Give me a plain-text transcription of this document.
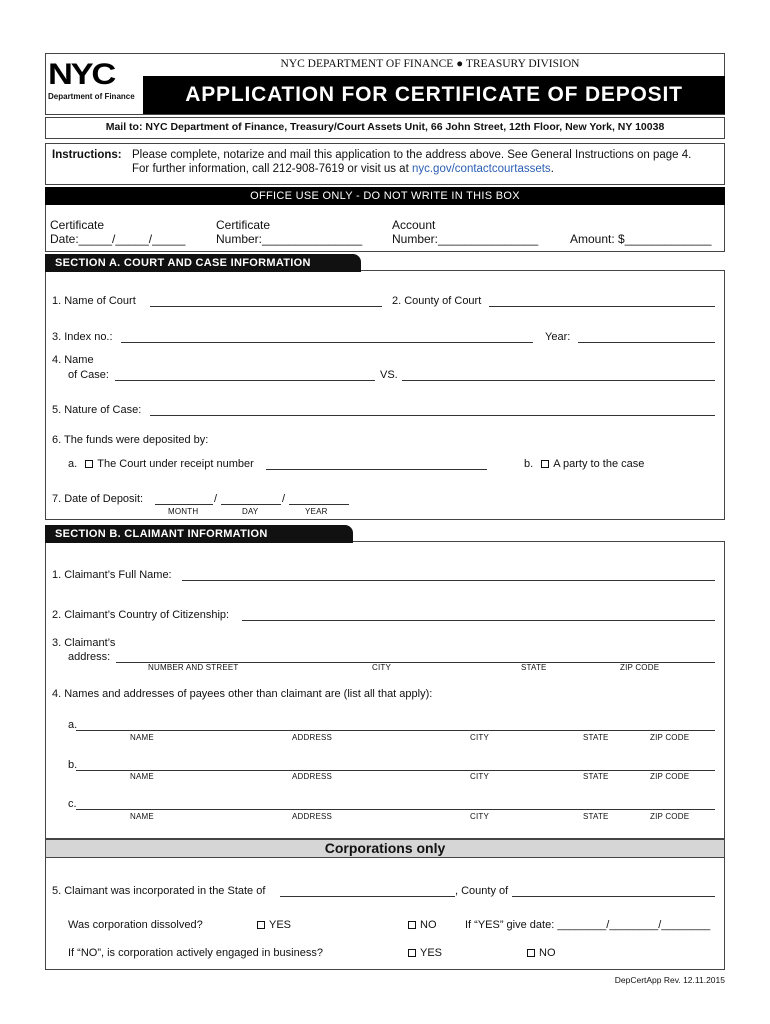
NYC
Department of Finance
NYC DEPARTMENT OF FINANCE ● TREASURY DIVISION
APPLICATION FOR CERTIFICATE OF DEPOSIT
Mail to: NYC Department of Finance, Treasury/Court Assets Unit, 66 John Street, 12th Floor, New York, NY 10038
Instructions: Please complete, notarize and mail this application to the address above. See General Instructions on page 4.
For further information, call 212-908-7619 or visit us at nyc.gov/contactcourtassets.
OFFICE USE ONLY - DO NOT WRITE IN THIS BOX
Certificate
Date:_____/_____/_____
Certificate
Number:_______________
Account
Number:_______________	Amount: $_____________
SECTION A. COURT AND CASE INFORMATION
1. Name of Court	2. County of Court
3. Index no.:	Year:
4. Name
of Case:	VS.
5. Nature of Case:
6. The funds were deposited by:
a. The Court under receipt number	b. A party to the case
7. Date of Deposit:	/	/
MONTH	DAY	YEAR
SECTION B. CLAIMANT INFORMATION
1. Claimant’s Full Name:
2. Claimant’s Country of Citizenship:
3. Claimant’s
address:
NUMBER AND STREET	CITY	STATE	ZIP CODE
4. Names and addresses of payees other than claimant are (list all that apply):
a.
NAME	ADDRESS	CITY	STATE	ZIP CODE
b.
NAME	ADDRESS	CITY	STATE	ZIP CODE
c.
NAME	ADDRESS	CITY	STATE	ZIP CODE
Corporations only
5. Claimant was incorporated in the State of	, County of
Was corporation dissolved?	YES	NO	If “YES” give date: ________/________/________
If “NO”, is corporation actively engaged in business?	YES	NO
DepCertApp Rev. 12.11.2015
